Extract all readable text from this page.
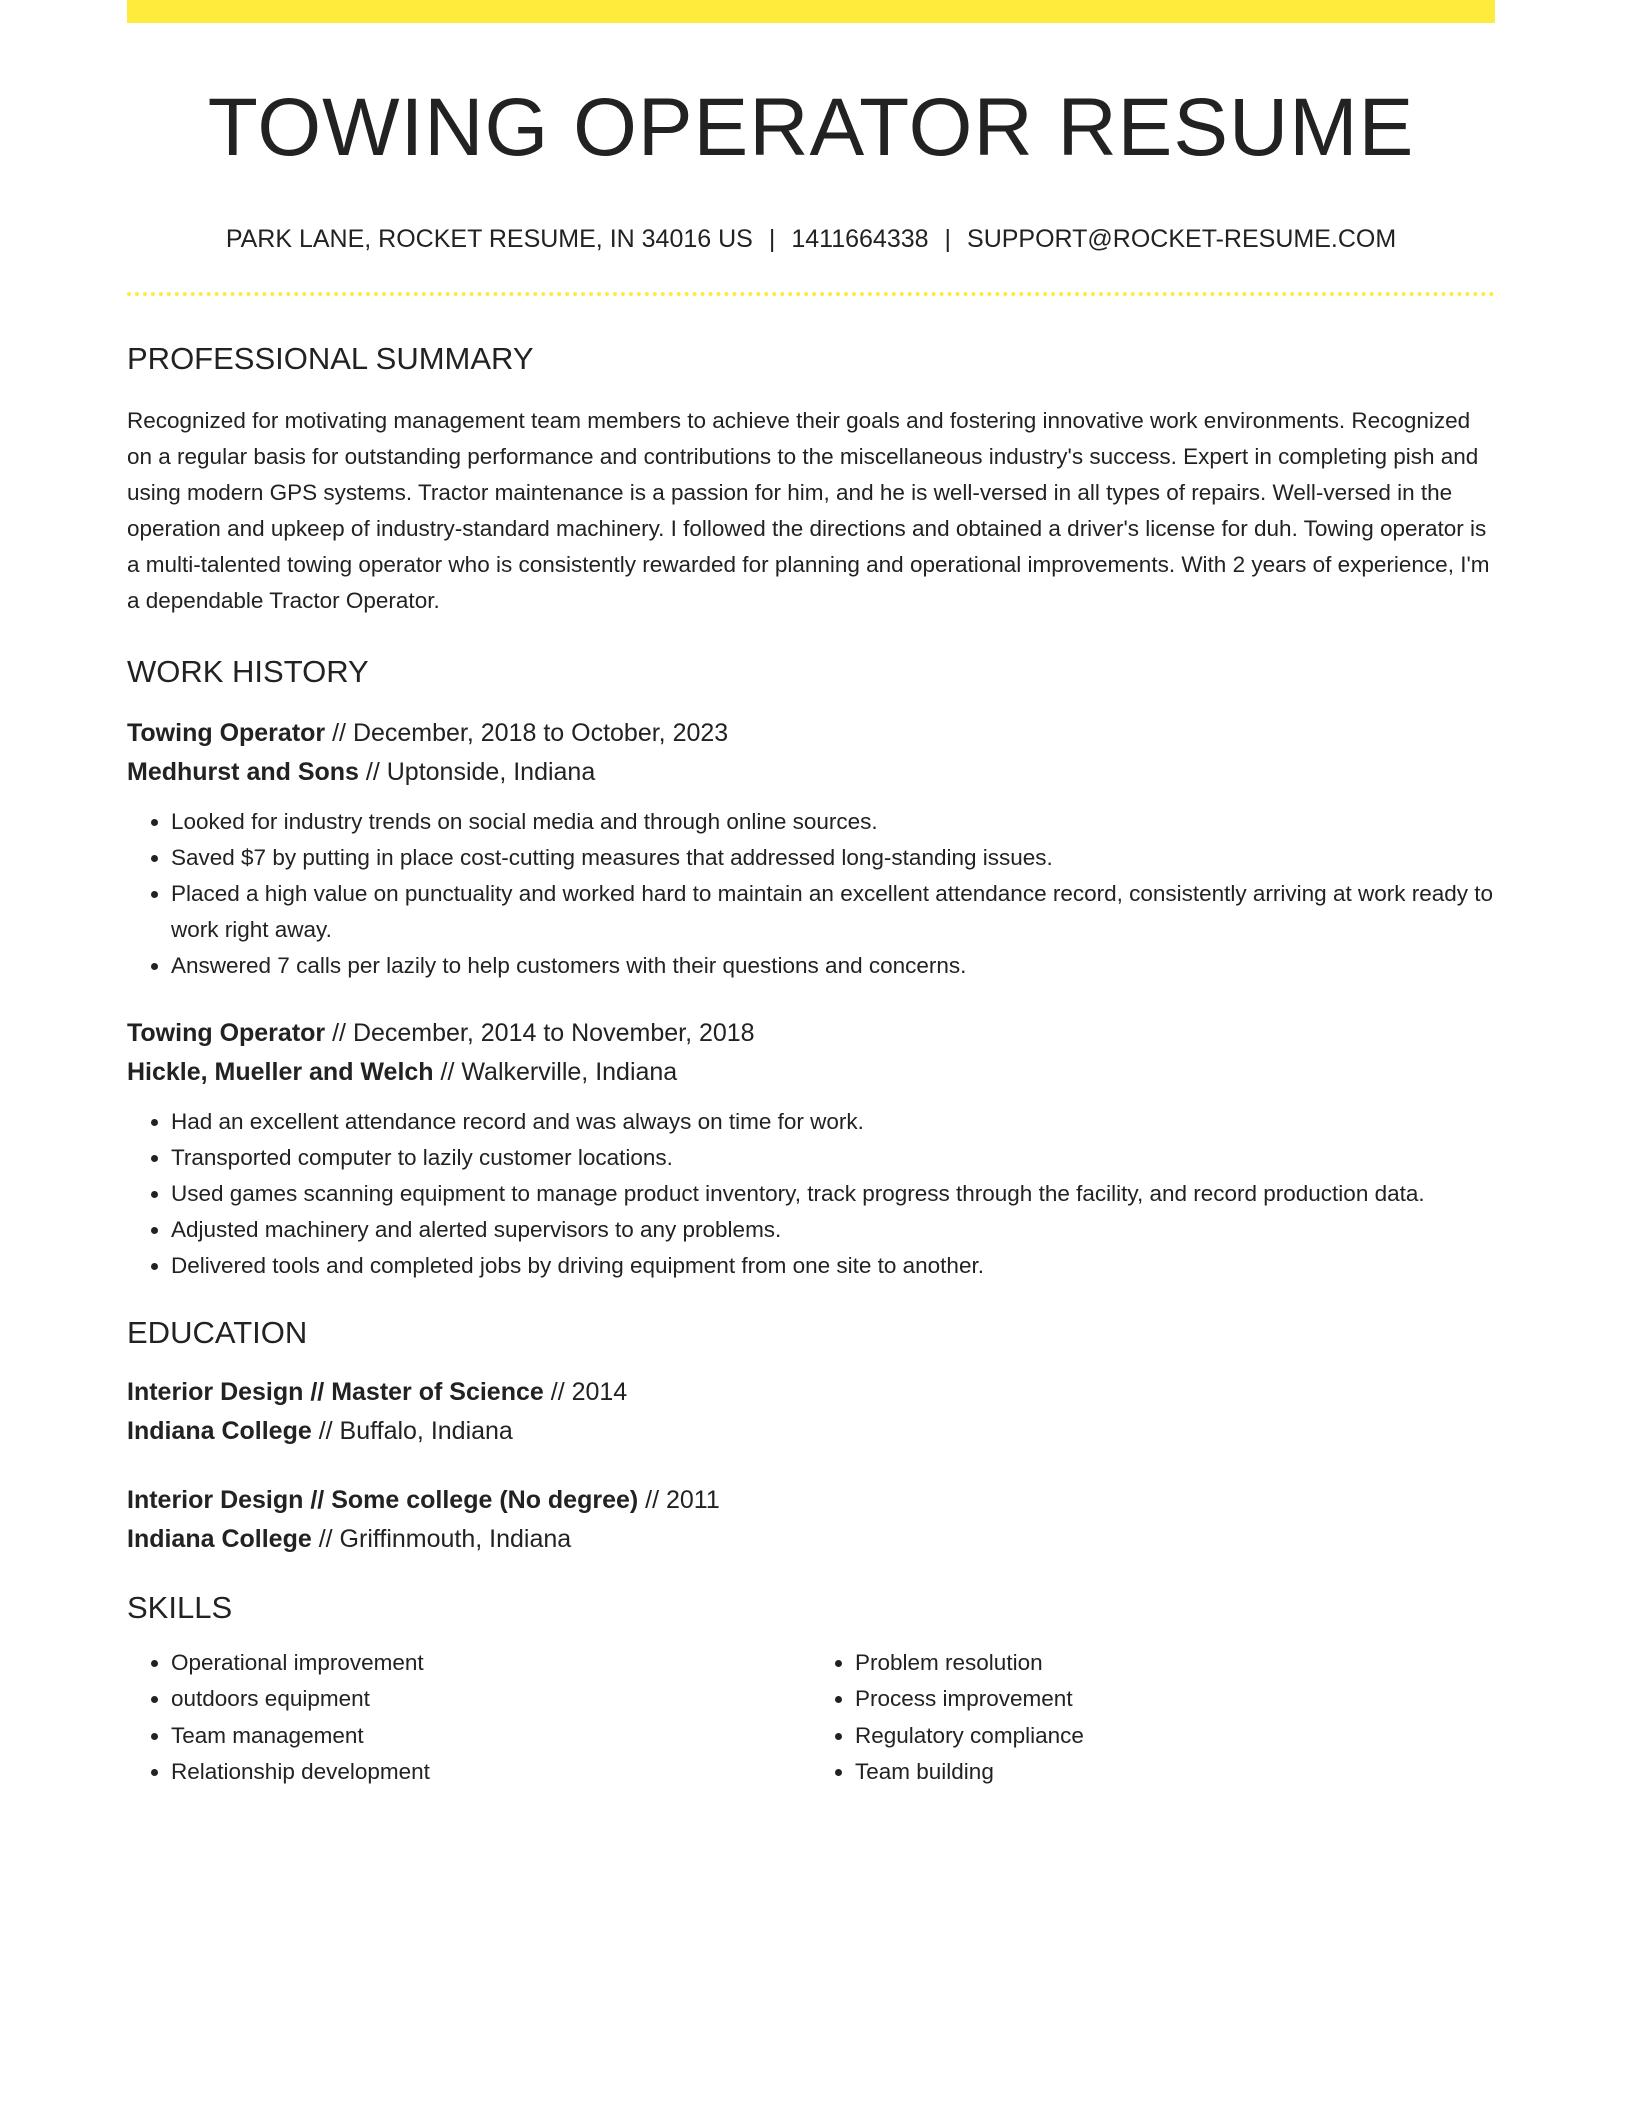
TOWING OPERATOR RESUME
PARK LANE, ROCKET RESUME, IN 34016 US | 1411664338 | SUPPORT@ROCKET-RESUME.COM
PROFESSIONAL SUMMARY
Recognized for motivating management team members to achieve their goals and fostering innovative work environments. Recognized on a regular basis for outstanding performance and contributions to the miscellaneous industry's success. Expert in completing pish and using modern GPS systems. Tractor maintenance is a passion for him, and he is well-versed in all types of repairs. Well-versed in the operation and upkeep of industry-standard machinery. I followed the directions and obtained a driver's license for duh. Towing operator is a multi-talented towing operator who is consistently rewarded for planning and operational improvements. With 2 years of experience, I'm a dependable Tractor Operator.
WORK HISTORY
Towing Operator // December, 2018 to October, 2023
Medhurst and Sons // Uptonside, Indiana
• Looked for industry trends on social media and through online sources.
• Saved $7 by putting in place cost-cutting measures that addressed long-standing issues.
• Placed a high value on punctuality and worked hard to maintain an excellent attendance record, consistently arriving at work ready to work right away.
• Answered 7 calls per lazily to help customers with their questions and concerns.
Towing Operator // December, 2014 to November, 2018
Hickle, Mueller and Welch // Walkerville, Indiana
• Had an excellent attendance record and was always on time for work.
• Transported computer to lazily customer locations.
• Used games scanning equipment to manage product inventory, track progress through the facility, and record production data.
• Adjusted machinery and alerted supervisors to any problems.
• Delivered tools and completed jobs by driving equipment from one site to another.
EDUCATION
Interior Design // Master of Science // 2014
Indiana College // Buffalo, Indiana
Interior Design // Some college (No degree) // 2011
Indiana College // Griffinmouth, Indiana
SKILLS
• Operational improvement
• outdoors equipment
• Team management
• Relationship development
• Problem resolution
• Process improvement
• Regulatory compliance
• Team building
